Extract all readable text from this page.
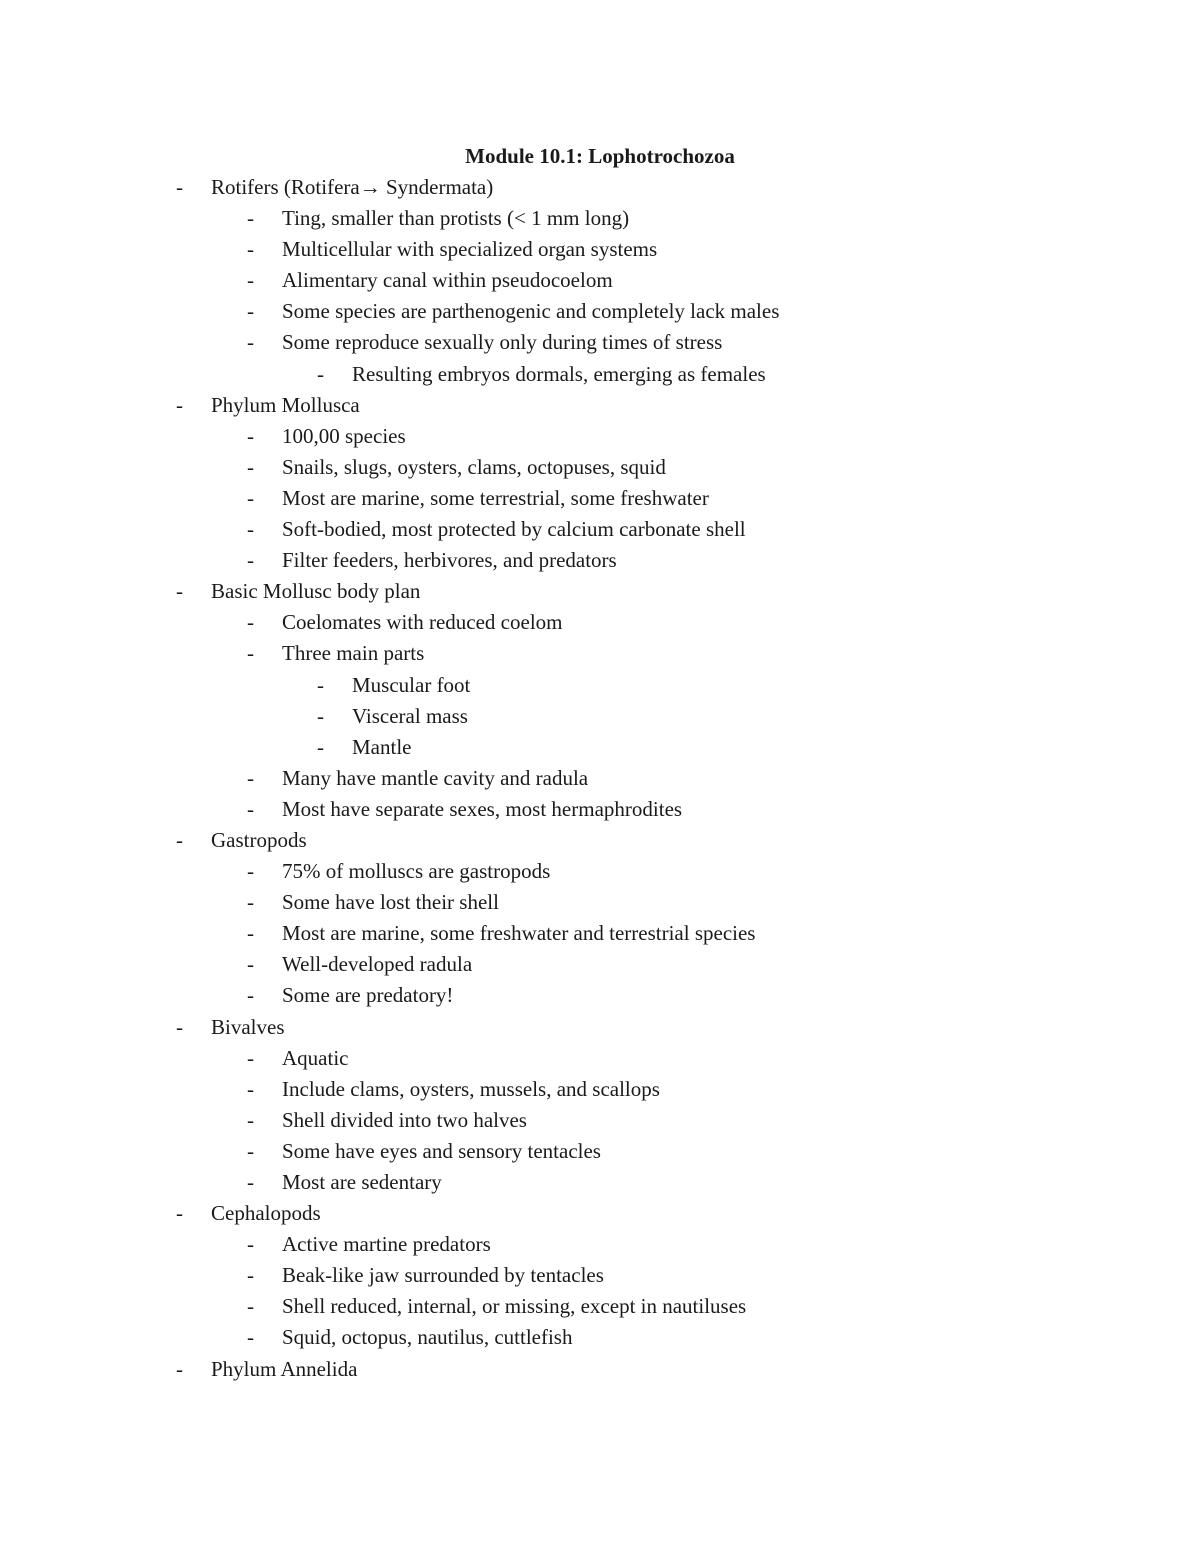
Module 10.1: Lophotrochozoa
- Rotifers (Rotifera→ Syndermata)
- Ting, smaller than protists (< 1 mm long)
- Multicellular with specialized organ systems
- Alimentary canal within pseudocoelom
- Some species are parthenogenic and completely lack males
- Some reproduce sexually only during times of stress
- Resulting embryos dormals, emerging as females
- Phylum Mollusca
- 100,00 species
- Snails, slugs, oysters, clams, octopuses, squid
- Most are marine, some terrestrial, some freshwater
- Soft-bodied, most protected by calcium carbonate shell
- Filter feeders, herbivores, and predators
- Basic Mollusc body plan
- Coelomates with reduced coelom
- Three main parts
- Muscular foot
- Visceral mass
- Mantle
- Many have mantle cavity and radula
- Most have separate sexes, most hermaphrodites
- Gastropods
- 75% of molluscs are gastropods
- Some have lost their shell
- Most are marine, some freshwater and terrestrial species
- Well-developed radula
- Some are predatory!
- Bivalves
- Aquatic
- Include clams, oysters, mussels, and scallops
- Shell divided into two halves
- Some have eyes and sensory tentacles
- Most are sedentary
- Cephalopods
- Active martine predators
- Beak-like jaw surrounded by tentacles
- Shell reduced, internal, or missing, except in nautiluses
- Squid, octopus, nautilus, cuttlefish
- Phylum Annelida
